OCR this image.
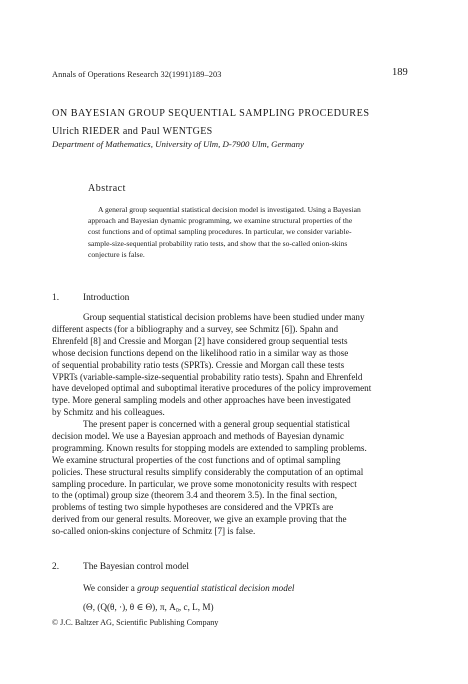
Annals of Operations Research 32(1991)189–203	189
ON BAYESIAN GROUP SEQUENTIAL SAMPLING PROCEDURES
Ulrich RIEDER and Paul WENTGES
Department of Mathematics, University of Ulm, D-7900 Ulm, Germany
Abstract
A general group sequential statistical decision model is investigated. Using a Bayesian
approach and Bayesian dynamic programming, we examine structural properties of the
cost functions and of optimal sampling procedures. In particular, we consider variable-
sample-size-sequential probability ratio tests, and show that the so-called onion-skins
conjecture is false.
1.	Introduction
Group sequential statistical decision problems have been studied under many
different aspects (for a bibliography and a survey, see Schmitz [6]). Spahn and
Ehrenfeld [8] and Cressie and Morgan [2] have considered group sequential tests
whose decision functions depend on the likelihood ratio in a similar way as those
of sequential probability ratio tests (SPRTs). Cressie and Morgan call these tests
VPRTs (variable-sample-size-sequential probability ratio tests). Spahn and Ehrenfeld
have developed optimal and suboptimal iterative procedures of the policy improvement
type. More general sampling models and other approaches have been investigated
by Schmitz and his colleagues.
The present paper is concerned with a general group sequential statistical
decision model. We use a Bayesian approach and methods of Bayesian dynamic
programming. Known results for stopping models are extended to sampling problems.
We examine structural properties of the cost functions and of optimal sampling
policies. These structural results simplify considerably the computation of an optimal
sampling procedure. In particular, we prove some monotonicity results with respect
to the (optimal) group size (theorem 3.4 and theorem 3.5). In the final section,
problems of testing two simple hypotheses are considered and the VPRTs are
derived from our general results. Moreover, we give an example proving that the
so-called onion-skins conjecture of Schmitz [7] is false.
2.	The Bayesian control model
We consider a group sequential statistical decision model
(Θ, (Q(θ, ·), θ ∈ Θ), π, A₀, c, L, M)
© J.C. Baltzer AG, Scientific Publishing Company
